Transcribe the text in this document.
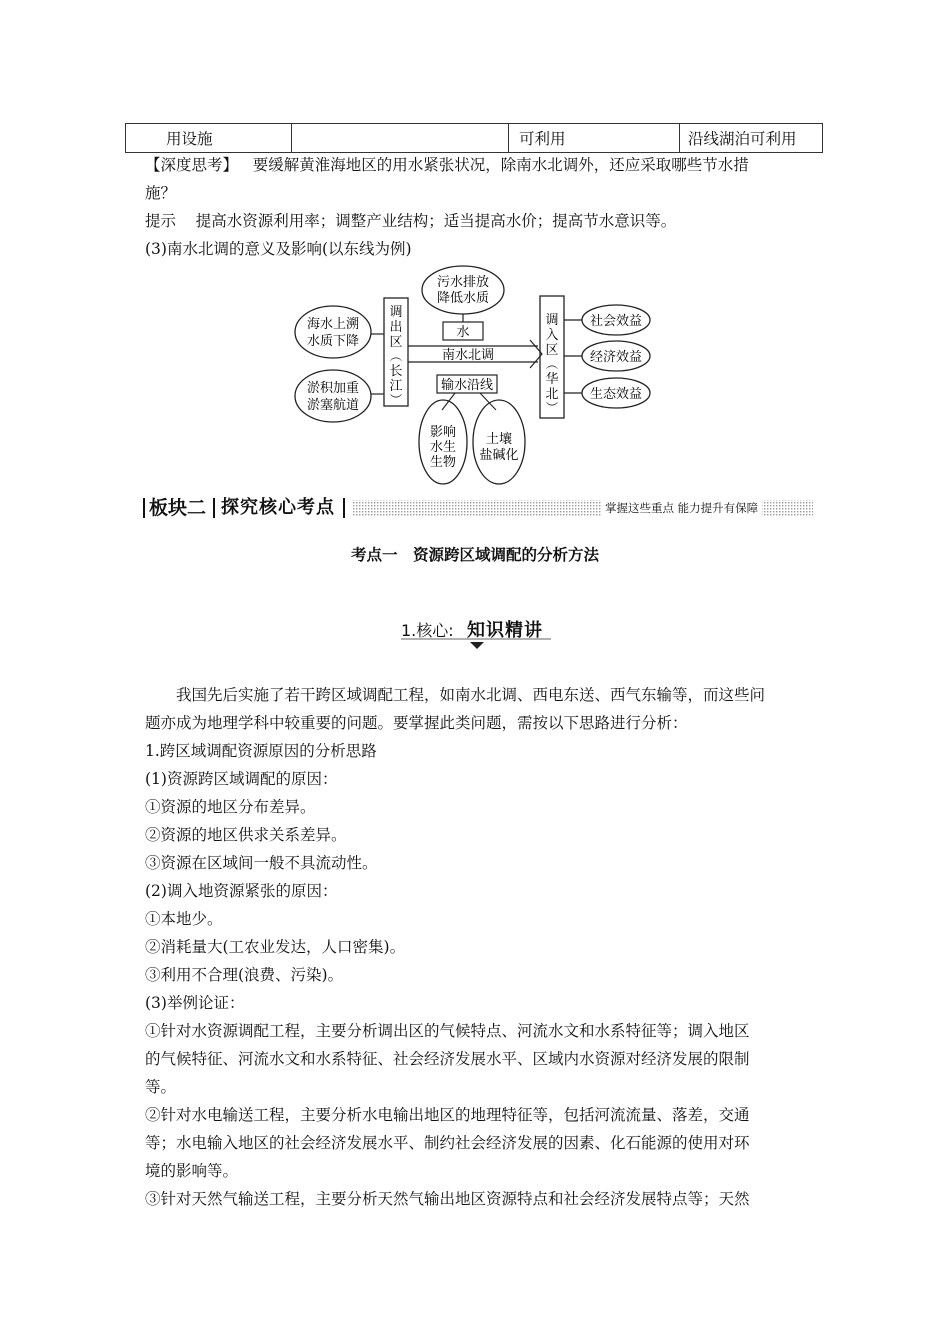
用设施		可利用	沿线湖泊可利用
【深度思考】 要缓解黄淮海地区的用水紧张状况，除南水北调外，还应采取哪些节水措
施？
提示 提高水资源利用率；调整产业结构；适当提高水价；提高节水意识等。
(3)南水北调的意义及影响(以东线为例)
海水上溯
水质下降
淤积加重
淤塞航道
调
出
区
︵
长
江
︶
污水排放
降低水质
水
南水北调
输水沿线
影响
水生
生物
土壤
盐碱化
调
入
区
︵
华
北
︶
社会效益
经济效益
生态效益
板块二 探究核心考点	掌握这些重点 能力提升有保障
考点一　资源跨区域调配的分析方法
1.核心: 知识精讲
我国先后实施了若干跨区域调配工程，如南水北调、西电东送、西气东输等，而这些问
题亦成为地理学科中较重要的问题。要掌握此类问题，需按以下思路进行分析：
1.跨区域调配资源原因的分析思路
(1)资源跨区域调配的原因：
①资源的地区分布差异。
②资源的地区供求关系差异。
③资源在区域间一般不具流动性。
(2)调入地资源紧张的原因：
①本地少。
②消耗量大(工农业发达，人口密集)。
③利用不合理(浪费、污染)。
(3)举例论证：
①针对水资源调配工程，主要分析调出区的气候特点、河流水文和水系特征等；调入地区
的气候特征、河流水文和水系特征、社会经济发展水平、区域内水资源对经济发展的限制
等。
②针对水电输送工程，主要分析水电输出地区的地理特征等，包括河流流量、落差，交通
等；水电输入地区的社会经济发展水平、制约社会经济发展的因素、化石能源的使用对环
境的影响等。
③针对天然气输送工程，主要分析天然气输出地区资源特点和社会经济发展特点等；天然
